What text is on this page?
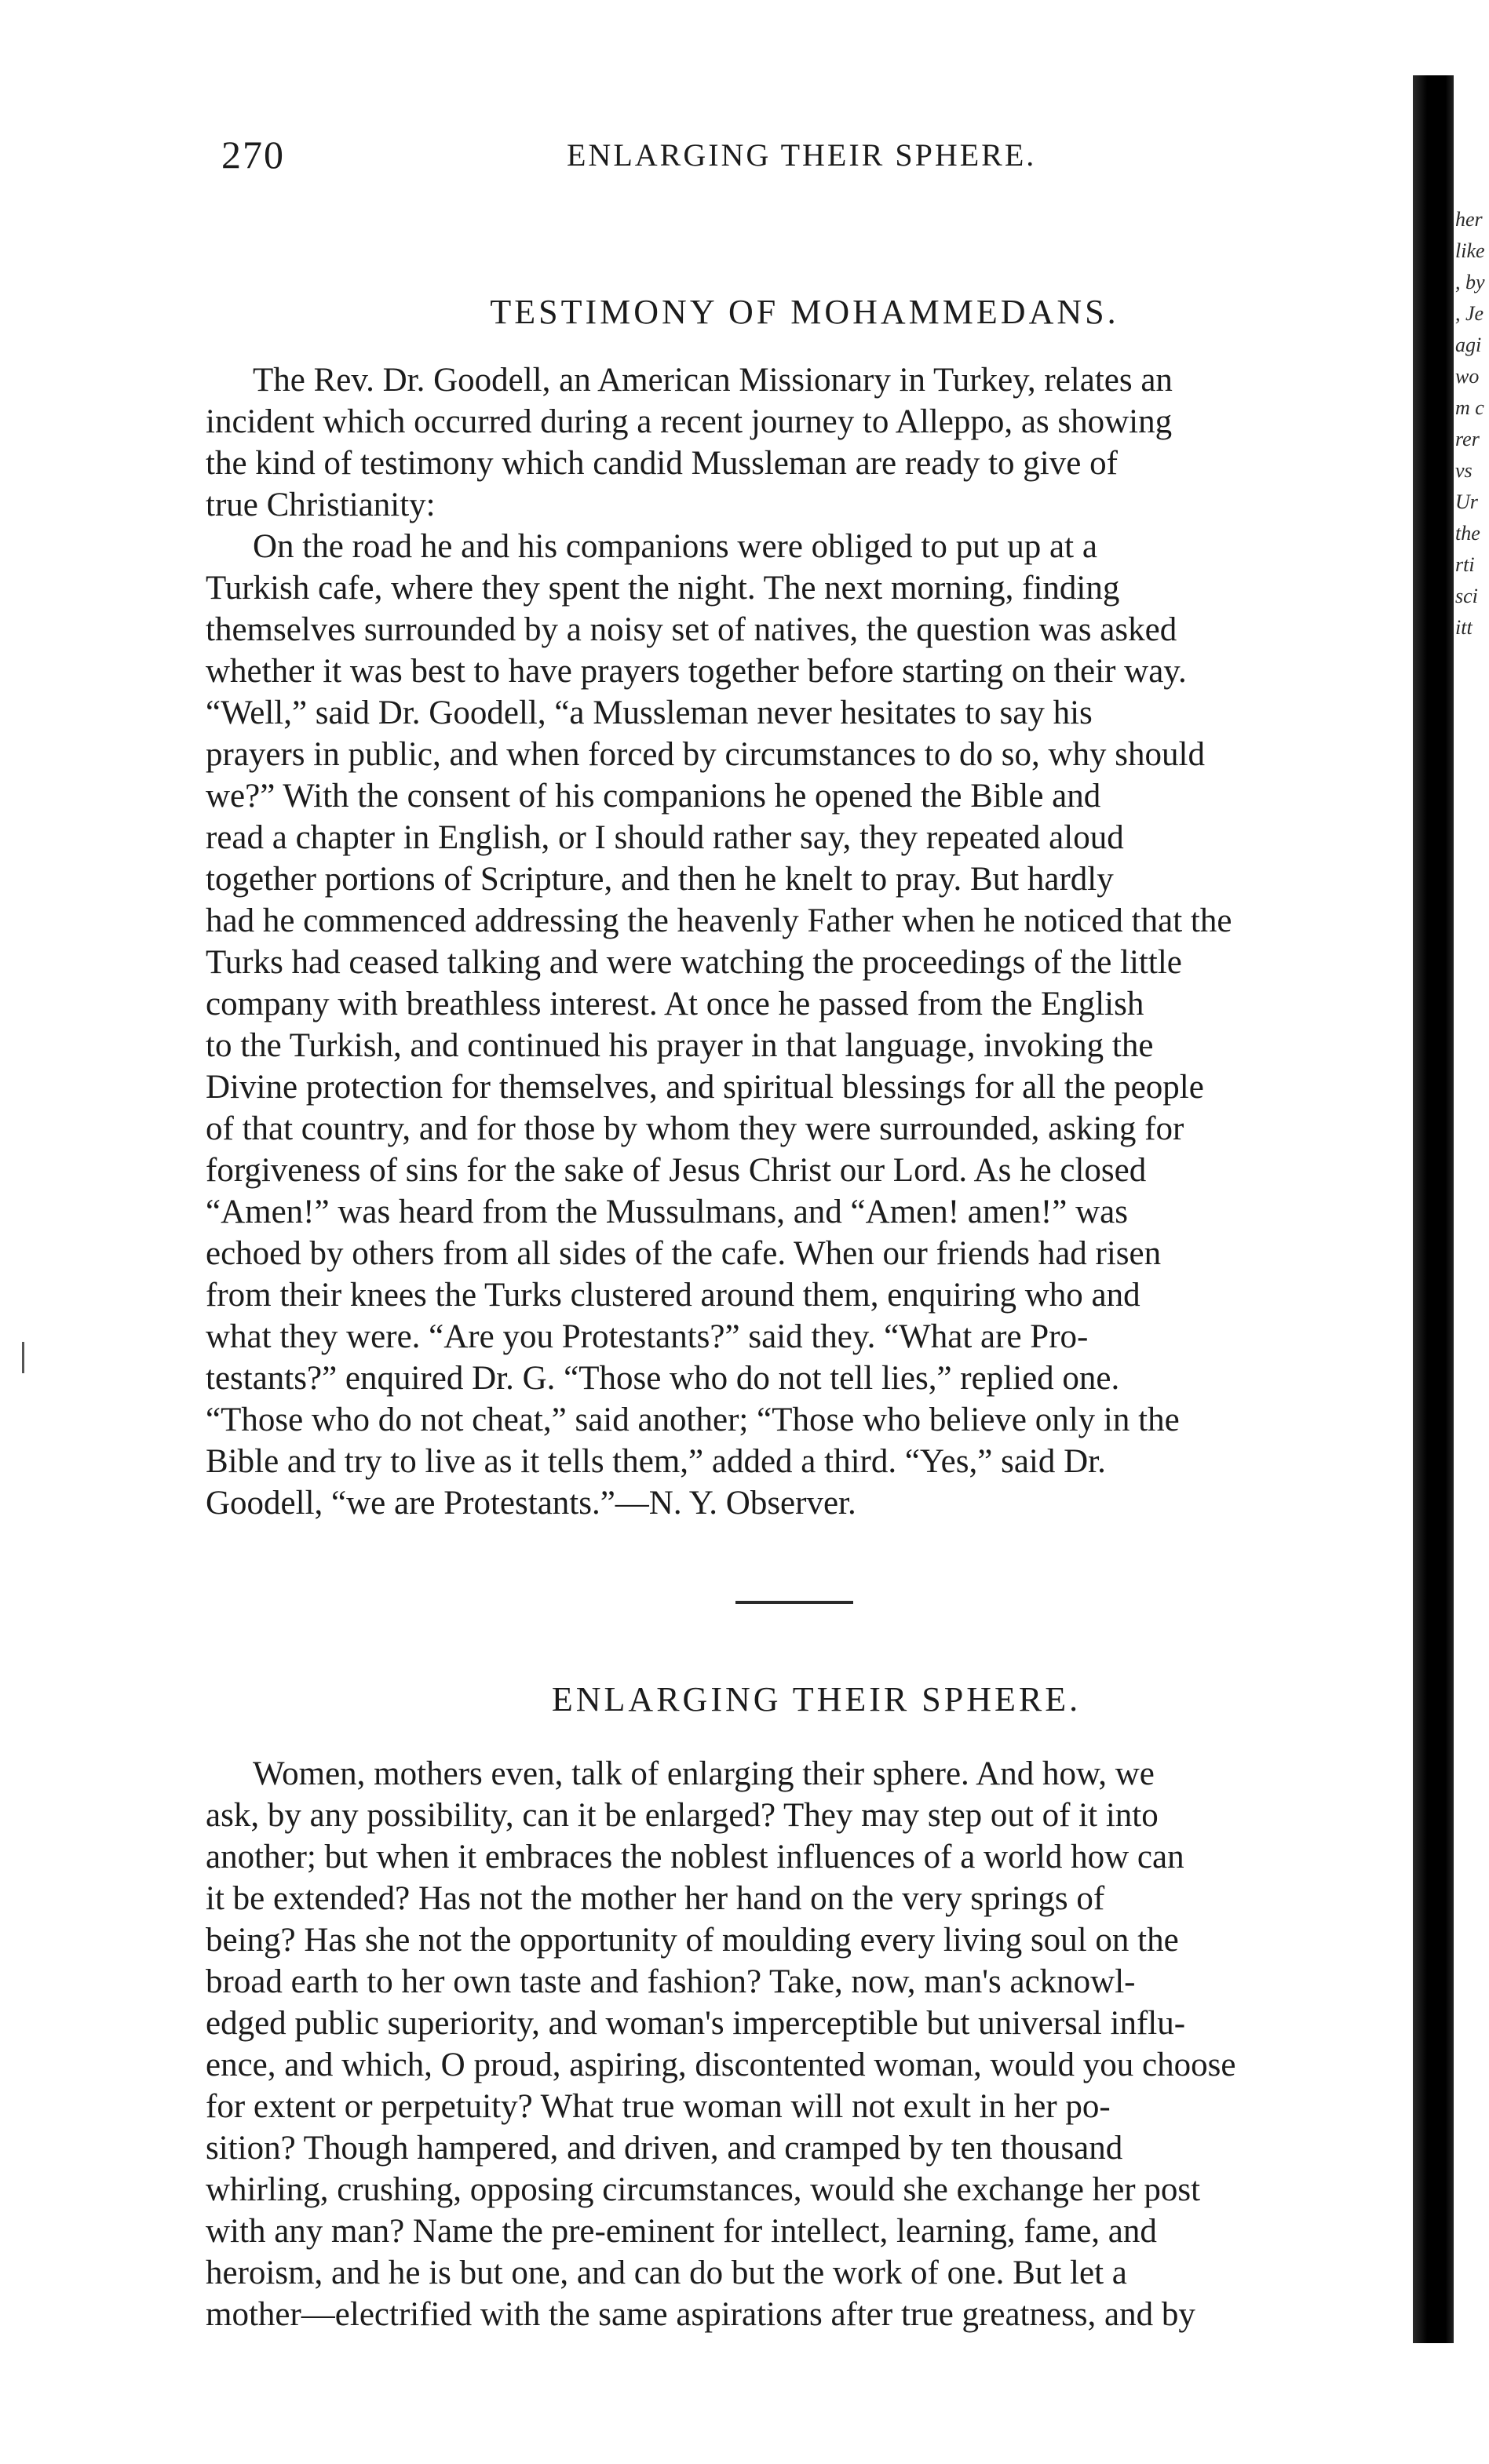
270	ENLARGING THEIR SPHERE.
TESTIMONY OF MOHAMMEDANS.
The Rev. Dr. Goodell, an American Missionary in Turkey, relates an
incident which occurred during a recent journey to Alleppo, as showing
the kind of testimony which candid Mussleman are ready to give of
true Christianity:
On the road he and his companions were obliged to put up at a
Turkish cafe, where they spent the night. The next morning, finding
themselves surrounded by a noisy set of natives, the question was asked
whether it was best to have prayers together before starting on their way.
“Well,” said Dr. Goodell, “a Mussleman never hesitates to say his
prayers in public, and when forced by circumstances to do so, why should
we?” With the consent of his companions he opened the Bible and
read a chapter in English, or I should rather say, they repeated aloud
together portions of Scripture, and then he knelt to pray. But hardly
had he commenced addressing the heavenly Father when he noticed that the
Turks had ceased talking and were watching the proceedings of the little
company with breathless interest. At once he passed from the English
to the Turkish, and continued his prayer in that language, invoking the
Divine protection for themselves, and spiritual blessings for all the people
of that country, and for those by whom they were surrounded, asking for
forgiveness of sins for the sake of Jesus Christ our Lord. As he closed
“Amen!” was heard from the Mussulmans, and “Amen! amen!” was
echoed by others from all sides of the cafe. When our friends had risen
from their knees the Turks clustered around them, enquiring who and
what they were. “Are you Protestants?” said they. “What are Pro-
testants?” enquired Dr. G. “Those who do not tell lies,” replied one.
“Those who do not cheat,” said another; “Those who believe only in the
Bible and try to live as it tells them,” added a third. “Yes,” said Dr.
Goodell, “we are Protestants.”—N. Y. Observer.
ENLARGING THEIR SPHERE.
Women, mothers even, talk of enlarging their sphere. And how, we
ask, by any possibility, can it be enlarged? They may step out of it into
another; but when it embraces the noblest influences of a world how can
it be extended? Has not the mother her hand on the very springs of
being? Has she not the opportunity of moulding every living soul on the
broad earth to her own taste and fashion? Take, now, man's acknowl-
edged public superiority, and woman's imperceptible but universal influ-
ence, and which, O proud, aspiring, discontented woman, would you choose
for extent or perpetuity? What true woman will not exult in her po-
sition? Though hampered, and driven, and cramped by ten thousand
whirling, crushing, opposing circumstances, would she exchange her post
with any man? Name the pre-eminent for intellect, learning, fame, and
heroism, and he is but one, and can do but the work of one. But let a
mother—electrified with the same aspirations after true greatness, and by
her
like
, by
, Je
agi
wo
m c
rer
vs
Ur
the
rti
sci
itt
